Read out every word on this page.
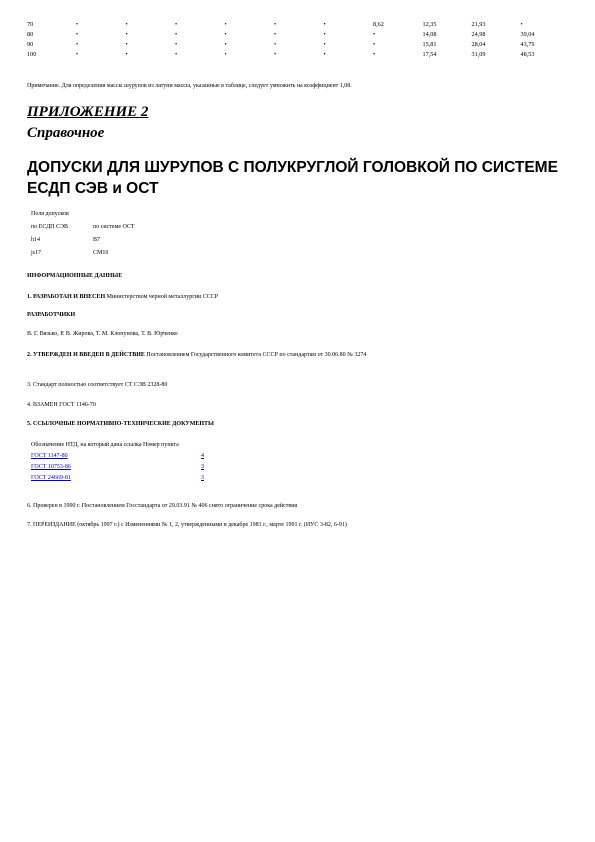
70	•	•	•	•	•	•	8,62	12,35	21,93	•
80	•	•	•	•	•	•	•	14,08	24,98	39,04
90	•	•	•	•	•	•	•	15,81	28,04	43,79
100	•	•	•	•	•	•	•	17,54	31,09	48,53
Примечание. Для определения массы шурупов из латуни массы, указанные в таблице, следует умножить на коэффициент 1,08.
ПРИЛОЖЕНИЕ 2
Справочное
ДОПУСКИ ДЛЯ ШУРУПОВ С ПОЛУКРУГЛОЙ ГОЛОВКОЙ ПО СИСТЕМЕ ЕСДП СЭВ и ОСТ
Поля допусков	
по ЕСДП СЭВ	по системе ОСТ
h14	В7
js17	СМ10
ИНФОРМАЦИОННЫЕ ДАННЫЕ
1. РАЗРАБОТАН И ВНЕСЕН Министерством черной металлургии СССР
РАЗРАБОТЧИКИ
В. Г. Вязько, Р. В. Жирова, Т. М. Клопунова, Т. В. Юрченко
2. УТВЕРЖДЕН И ВВЕДЕН В ДЕЙСТВИЕ Постановлением Государственного комитета СССР по стандартам от 30.06.80 № 3274
3. Стандарт полностью соответствует СТ СЭВ 2328-80
4. ВЗАМЕН ГОСТ 1146-70
5. ССЫЛОЧНЫЕ НОРМАТИВНО-ТЕХНИЧЕСКИЕ ДОКУМЕНТЫ
Обозначение НТД, на который дана ссылка Номер пункта	
ГОСТ 1147-80	4
ГОСТ 10753-86	3
ГОСТ 24669-81	3
6. Проверен в 1990 г. Постановлением Госстандарта от 29.03.91 № 406 снято ограничение срока действия
7. ПЕРЕИЗДАНИЕ (октябрь 1997 г.) с Изменениями № 1, 2, утвержденными в декабре 1981 г., марте 1991 г. (ИУС 3-82, 6-91)
